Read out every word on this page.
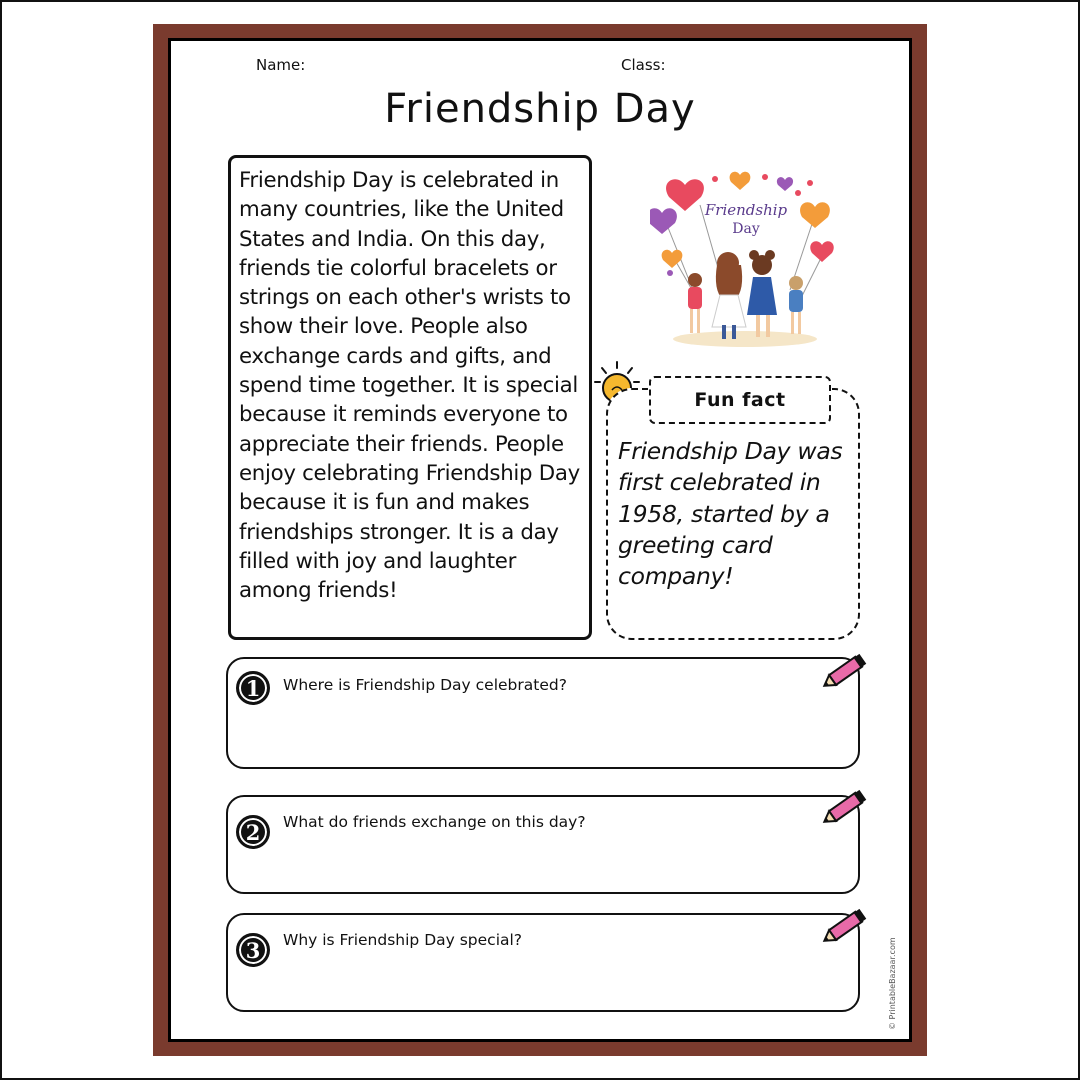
Name:	Class:
Friendship Day
Friendship Day is celebrated in many countries, like the United States and India. On this day, friends tie colorful bracelets or strings on each other's wrists to show their love. People also exchange cards and gifts, and spend time together. It is special because it reminds everyone to appreciate their friends. People enjoy celebrating Friendship Day because it is fun and makes friendships stronger. It is a day filled with joy and laughter among friends!
Friendship
Day
Fun fact
Friendship Day was first celebrated in 1958, started by a greeting card company!
1	Where is Friendship Day celebrated?
2	What do friends exchange on this day?
3	Why is Friendship Day special?	© PrintableBazaar.com
